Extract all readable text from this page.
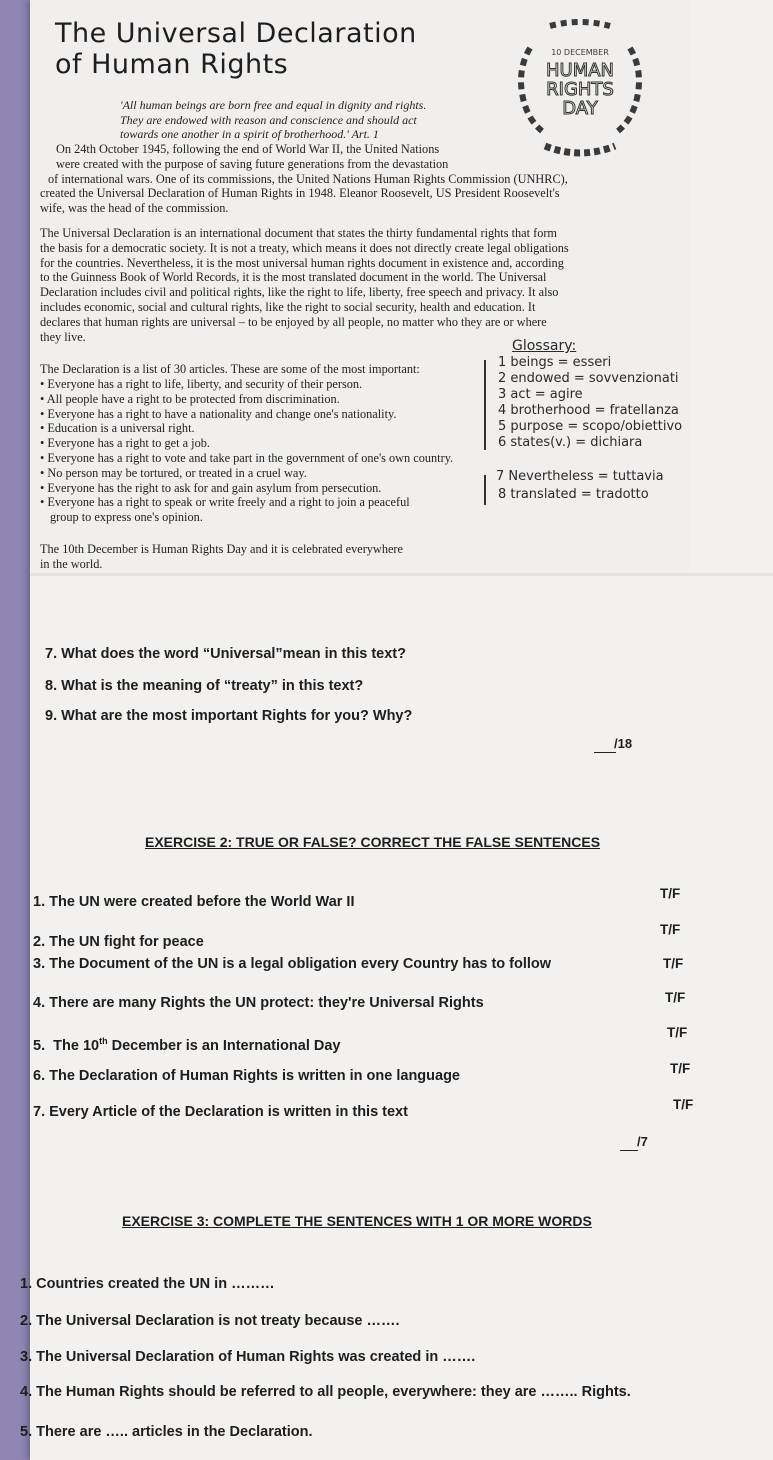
The Universal Declaration
of Human Rights	10 DECEMBER
HUMAN
RIGHTS
DAY
'All human beings are born free and equal in dignity and rights.
They are endowed with reason and conscience and should act
towards one another in a spirit of brotherhood.' Art. 1
On 24th October 1945, following the end of World War II, the United Nations
were created with the purpose of saving future generations from the devastation
of international wars. One of its commissions, the United Nations Human Rights Commission (UNHRC),
created the Universal Declaration of Human Rights in 1948. Eleanor Roosevelt, US President Roosevelt's
wife, was the head of the commission.
The Universal Declaration is an international document that states the thirty fundamental rights that form
the basis for a democratic society. It is not a treaty, which means it does not directly create legal obligations
for the countries. Nevertheless, it is the most universal human rights document in existence and, according
to the Guinness Book of World Records, it is the most translated document in the world. The Universal
Declaration includes civil and political rights, like the right to life, liberty, free speech and privacy. It also
includes economic, social and cultural rights, like the right to social security, health and education. It
declares that human rights are universal – to be enjoyed by all people, no matter who they are or where
they live.
The Declaration is a list of 30 articles. These are some of the most important:
• Everyone has a right to life, liberty, and security of their person.
• All people have a right to be protected from discrimination.
• Everyone has a right to have a nationality and change one's nationality.
• Education is a universal right.
• Everyone has a right to get a job.
• Everyone has a right to vote and take part in the government of one's own country.
• No person may be tortured, or treated in a cruel way.
• Everyone has the right to ask for and gain asylum from persecution.
• Everyone has a right to speak or write freely and a right to join a peaceful
group to express one's opinion.
The 10th December is Human Rights Day and it is celebrated everywhere
in the world.
Glossary:
1 beings = esseri
2 endowed = sovvenzionati
3 act = agire
4 brotherhood = fratellanza
5 purpose = scopo/obiettivo
6 states(v.) = dichiara
7 Nevertheless = tuttavia
8 translated = tradotto
7. What does the word “Universal”mean in this text?
8. What is the meaning of “treaty” in this text?
9. What are the most important Rights for you? Why?
/18
EXERCISE 2: TRUE OR FALSE? CORRECT THE FALSE SENTENCES
1. The UN were created before the World War II
2. The UN fight for peace
3. The Document of the UN is a legal obligation every Country has to follow
4. There are many Rights the UN protect: they're Universal Rights
5.  The 10th December is an International Day
6. The Declaration of Human Rights is written in one language
7. Every Article of the Declaration is written in this text
T/F
T/F
T/F
T/F
T/F
T/F
T/F
/7
EXERCISE 3: COMPLETE THE SENTENCES WITH 1 OR MORE WORDS
1. Countries created the UN in ………
2. The Universal Declaration is not treaty because …….
3. The Universal Declaration of Human Rights was created in …….
4. The Human Rights should be referred to all people, everywhere: they are …….. Rights.
5. There are ….. articles in the Declaration.
